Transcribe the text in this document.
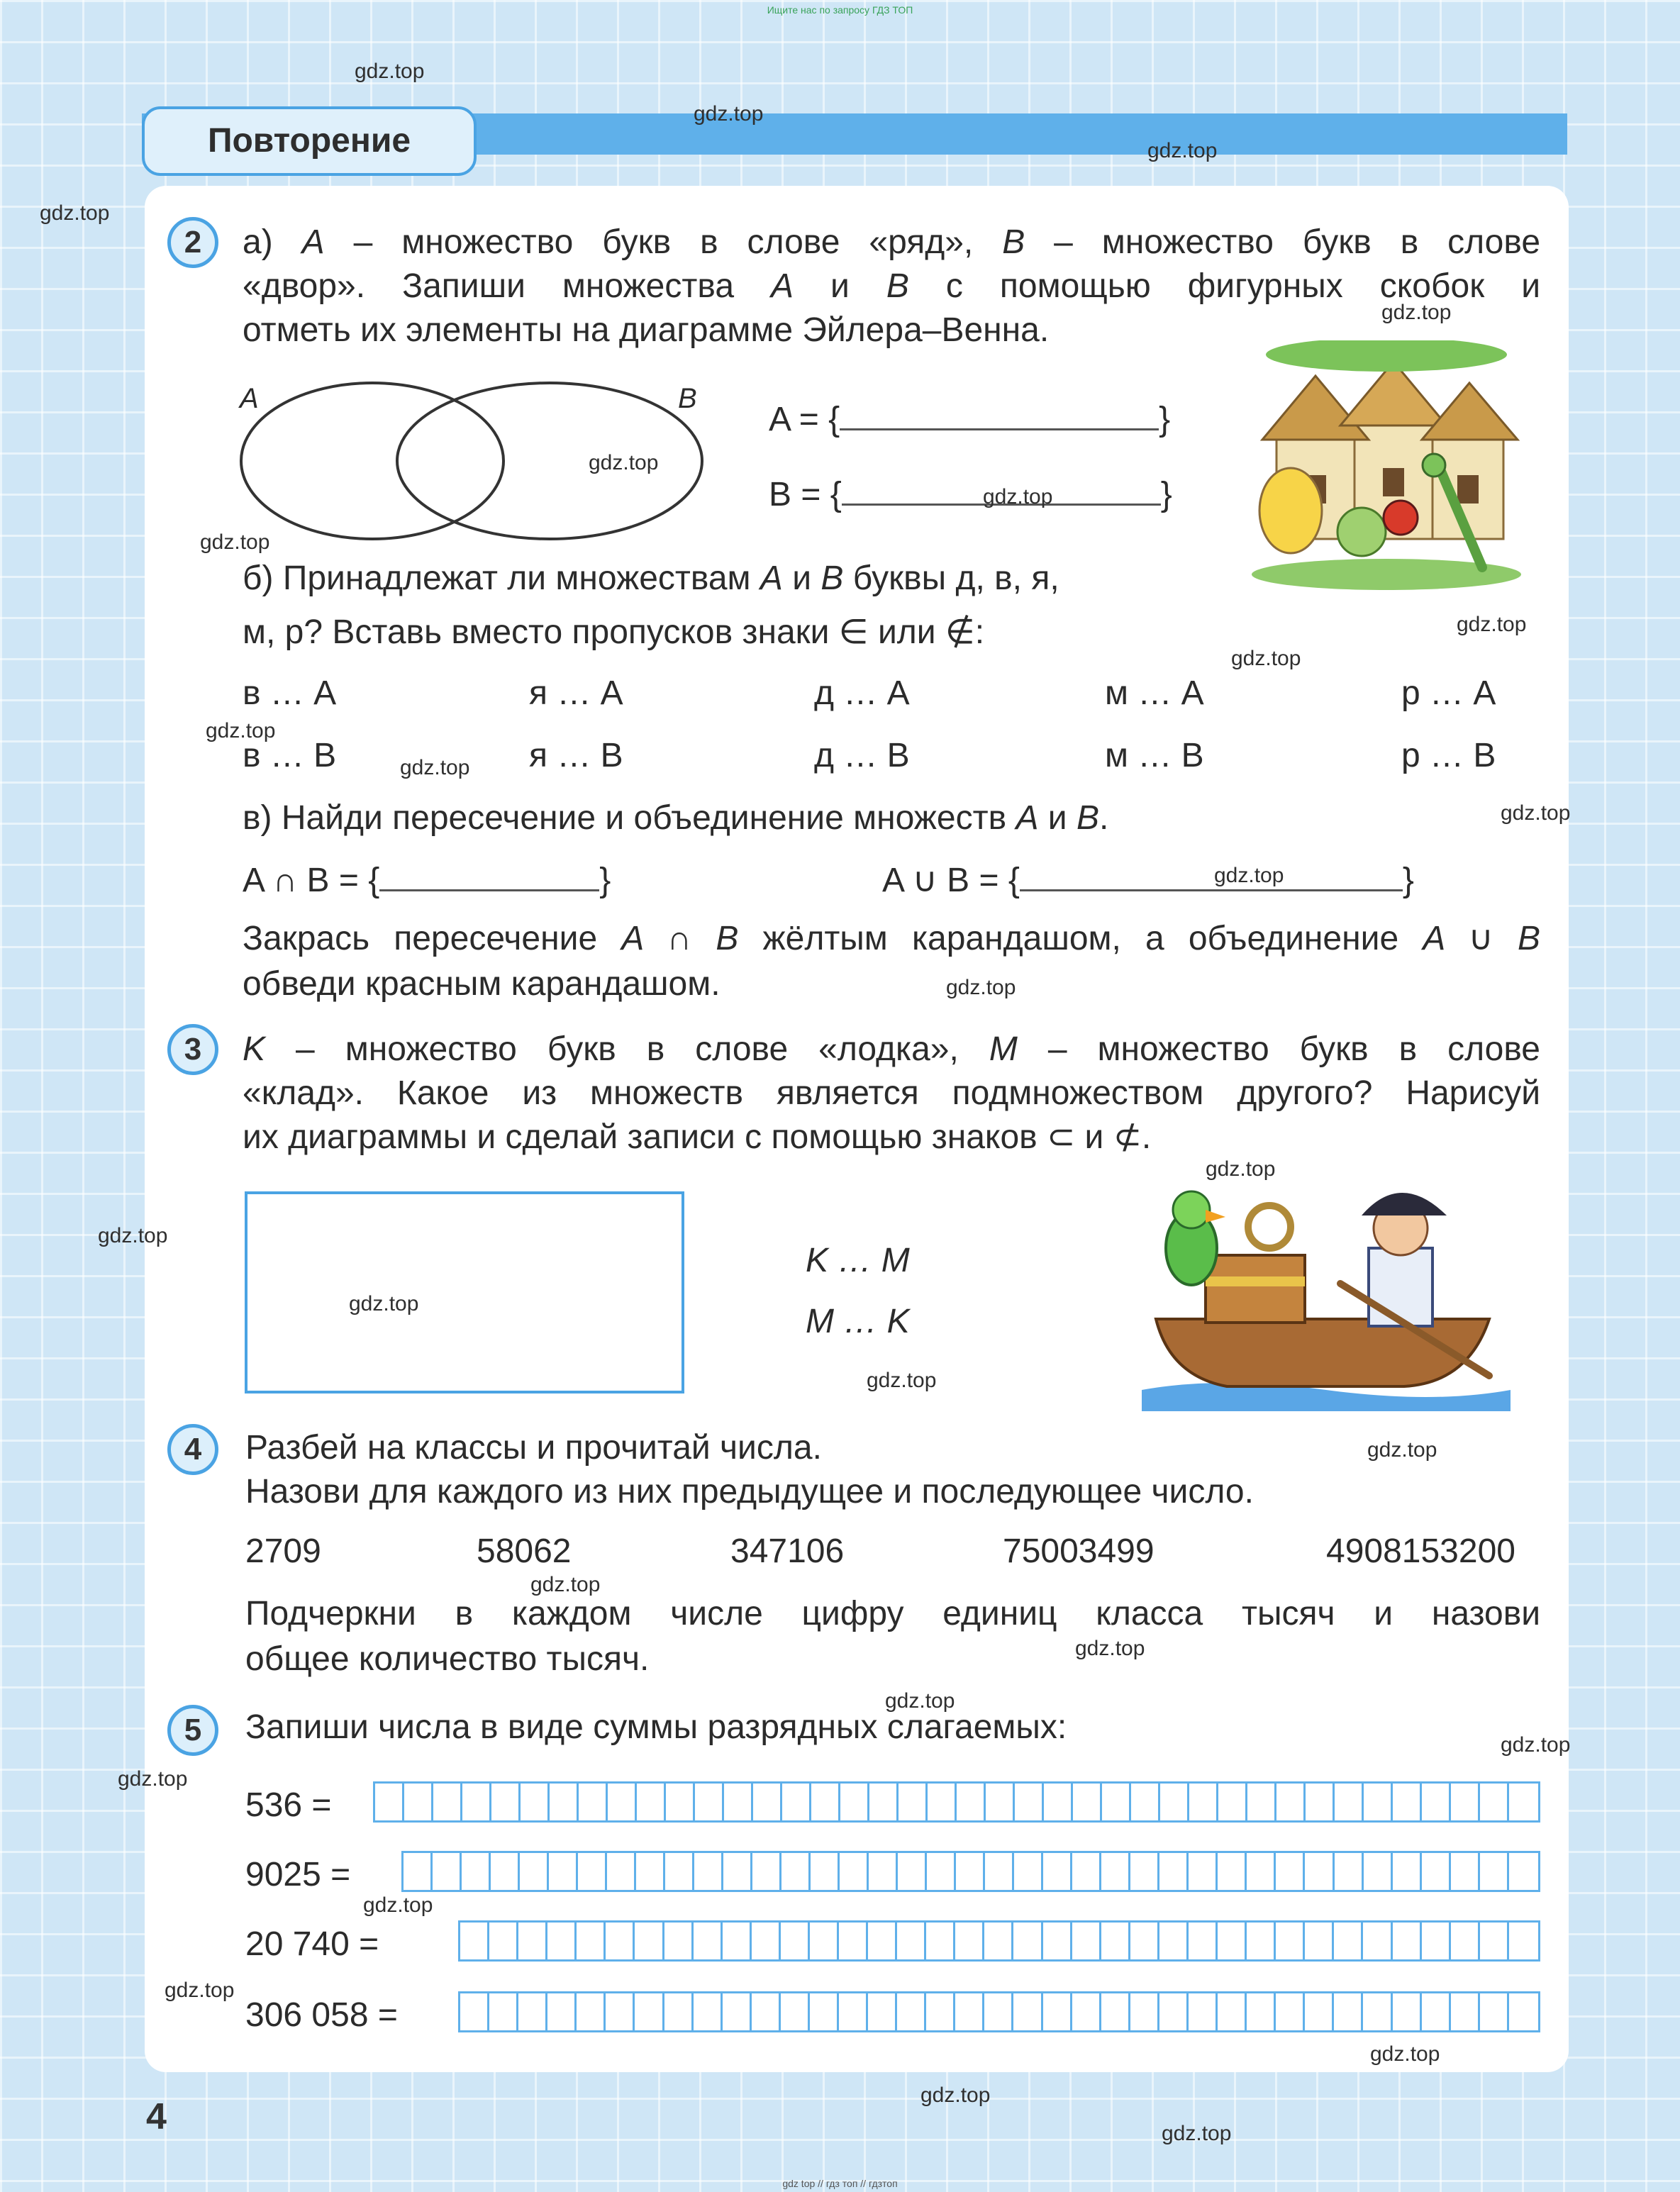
Ищите нас по запросу ГДЗ ТОП
Повторение
2	а) A – множество букв в слове «ряд», B – множество букв в слове
«двор». Запиши множества A и B с помощью фигурных скобок и
отметь их элементы на диаграмме Эйлера–Венна.
A	B
A = {	}
B = {	}
б) Принадлежат ли множествам A и B буквы д, в, я,
м, р? Вставь вместо пропусков знаки ∈ или ∉:
в … A	я … A	д … A	м … A	р … A
в … B	я … B	д … B	м … B	р … B
в) Найди пересечение и объединение множеств A и B.
A ∩ B = {	}	A ∪ B = {	}
Закрась пересечение A ∩ B жёлтым карандашом, а объединение A ∪ B
обведи красным карандашом.
3	K – множество букв в слове «лодка», M – множество букв в слове
«клад». Какое из множеств является подмножеством другого? Нарисуй
их диаграммы и сделай записи с помощью знаков ⊂ и ⊄.
K … M
M … K
4	Разбей на классы и прочитай числа.
Назови для каждого из них предыдущее и последующее число.
2709	58062	347106	75003499	4908153200
Подчеркни в каждом числе цифру единиц класса тысяч и назови
общее количество тысяч.
5	Запиши числа в виде суммы разрядных слагаемых:
536 =
9025 =
20 740 =
306 058 =
4
gdz.top
gdz.top
gdz.top
gdz.top
gdz.top
gdz.top
gdz.top
gdz.top
gdz.top
gdz.top
gdz.top
gdz.top
gdz.top
gdz.top
gdz.top
gdz.top
gdz.top
gdz.top
gdz.top
gdz.top
gdz.top
gdz.top
gdz.top
gdz.top
gdz.top
gdz.top
gdz.top
gdz.top
gdz.top
gdz.top
gdz top // гдз топ // гдзтоп
